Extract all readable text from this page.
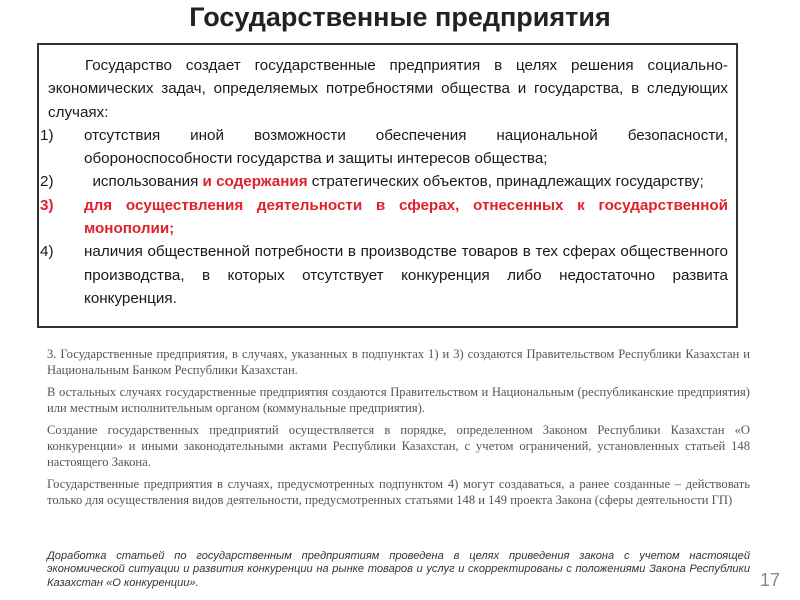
Государственные предприятия

Государство создает государственные предприятия в целях решения социально-экономических задач, определяемых потребностями общества и государства, в следующих случаях:

1)	отсутствия иной возможности обеспечения национальной безопасности, обороноспособности государства и защиты интересов общества;
2)	использования и содержания стратегических объектов, принадлежащих государству;
3)	для осуществления деятельности в сферах, отнесенных к государственной монополии;
4)	наличия общественной потребности в производстве товаров в тех сферах общественного производства, в которых отсутствует конкуренция либо недостаточно развита конкуренция.

3. Государственные предприятия, в случаях, указанных в подпунктах 1) и 3) создаются Правительством Республики Казахстан и Национальным Банком Республики Казахстан.

В остальных случаях государственные предприятия создаются Правительством и Национальным (республиканские предприятия) или местным исполнительным органом (коммунальные предприятия).

Создание государственных предприятий осуществляется в порядке, определенном Законом Республики Казахстан «О конкуренции» и иными законодательными актами Республики Казахстан, с учетом ограничений, установленных статьей 148 настоящего Закона.

Государственные предприятия в случаях, предусмотренных подпунктом 4) могут создаваться, а ранее созданные – действовать только для осуществления видов деятельности, предусмотренных статьями 148 и 149 проекта Закона (сферы деятельности ГП)

Доработка статьей по государственным предприятиям проведена в целях приведения закона с учетом настоящей экономической ситуации и развития конкуренции на рынке товаров и услуг и скорректированы с положениями Закона Республики Казахстан «О конкуренции».	17
